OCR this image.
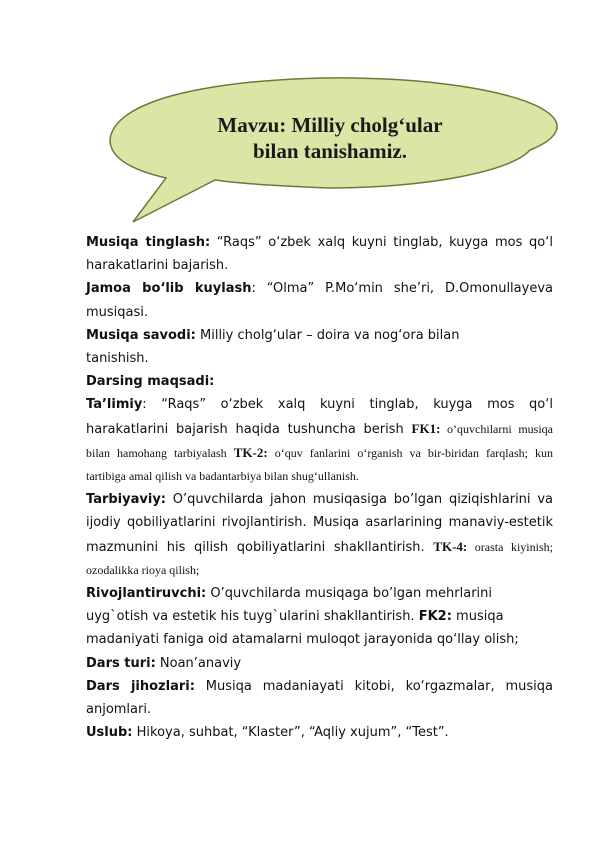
Mavzu: Milliy cholg‘ular
bilan tanishamiz.

Musiqa tinglash: “Raqs” o‘zbek xalq kuyni tinglab, kuyga mos qo‘l harakatlarini bajarish.

Jamoa bo‘lib kuylash: “Olma” P.Mo‘min she’ri, D.Omonullayeva musiqasi.

Musiqa savodi: Milliy cholg‘ular – doira va nog‘ora bilan
tanishish.

Darsing maqsadi:

Ta’limiy: “Raqs” o‘zbek xalq kuyni tinglab, kuyga mos qo‘l harakatlarini bajarish haqida tushuncha berish FK1: o’quvchilarni musiqa bilan hamohang tarbiyalash TK-2: o‘quv fanlarini o‘rganish va bir-biridan farqlash; kun tartibiga amal qilish va badantarbiya bilan shug‘ullanish.

Tarbiyaviy: O’quvchilarda jahon musiqasiga bo’lgan qiziqishlarini va ijodiy qobiliyatlarini rivojlantirish. Musiqa asarlarining manaviy-estetik mazmunini his qilish qobiliyatlarini shakllantirish. TK-4: orasta kiyinish; ozodalikka rioya qilish;

Rivojlantiruvchi: O’quvchilarda musiqaga bo’lgan mehrlarini
uyg`otish va estetik his tuyg`ularini shakllantirish. FK2: musiqa
madaniyati faniga oid atamalarni muloqot jarayonida qo‘llay olish;

Dars turi: Noan’anaviy

Dars jihozlari: Musiqa madaniayati kitobi, ko‘rgazmalar, musiqa anjomlari.

Uslub: Hikoya, suhbat, “Klaster”, “Aqliy xujum”, “Test”.
